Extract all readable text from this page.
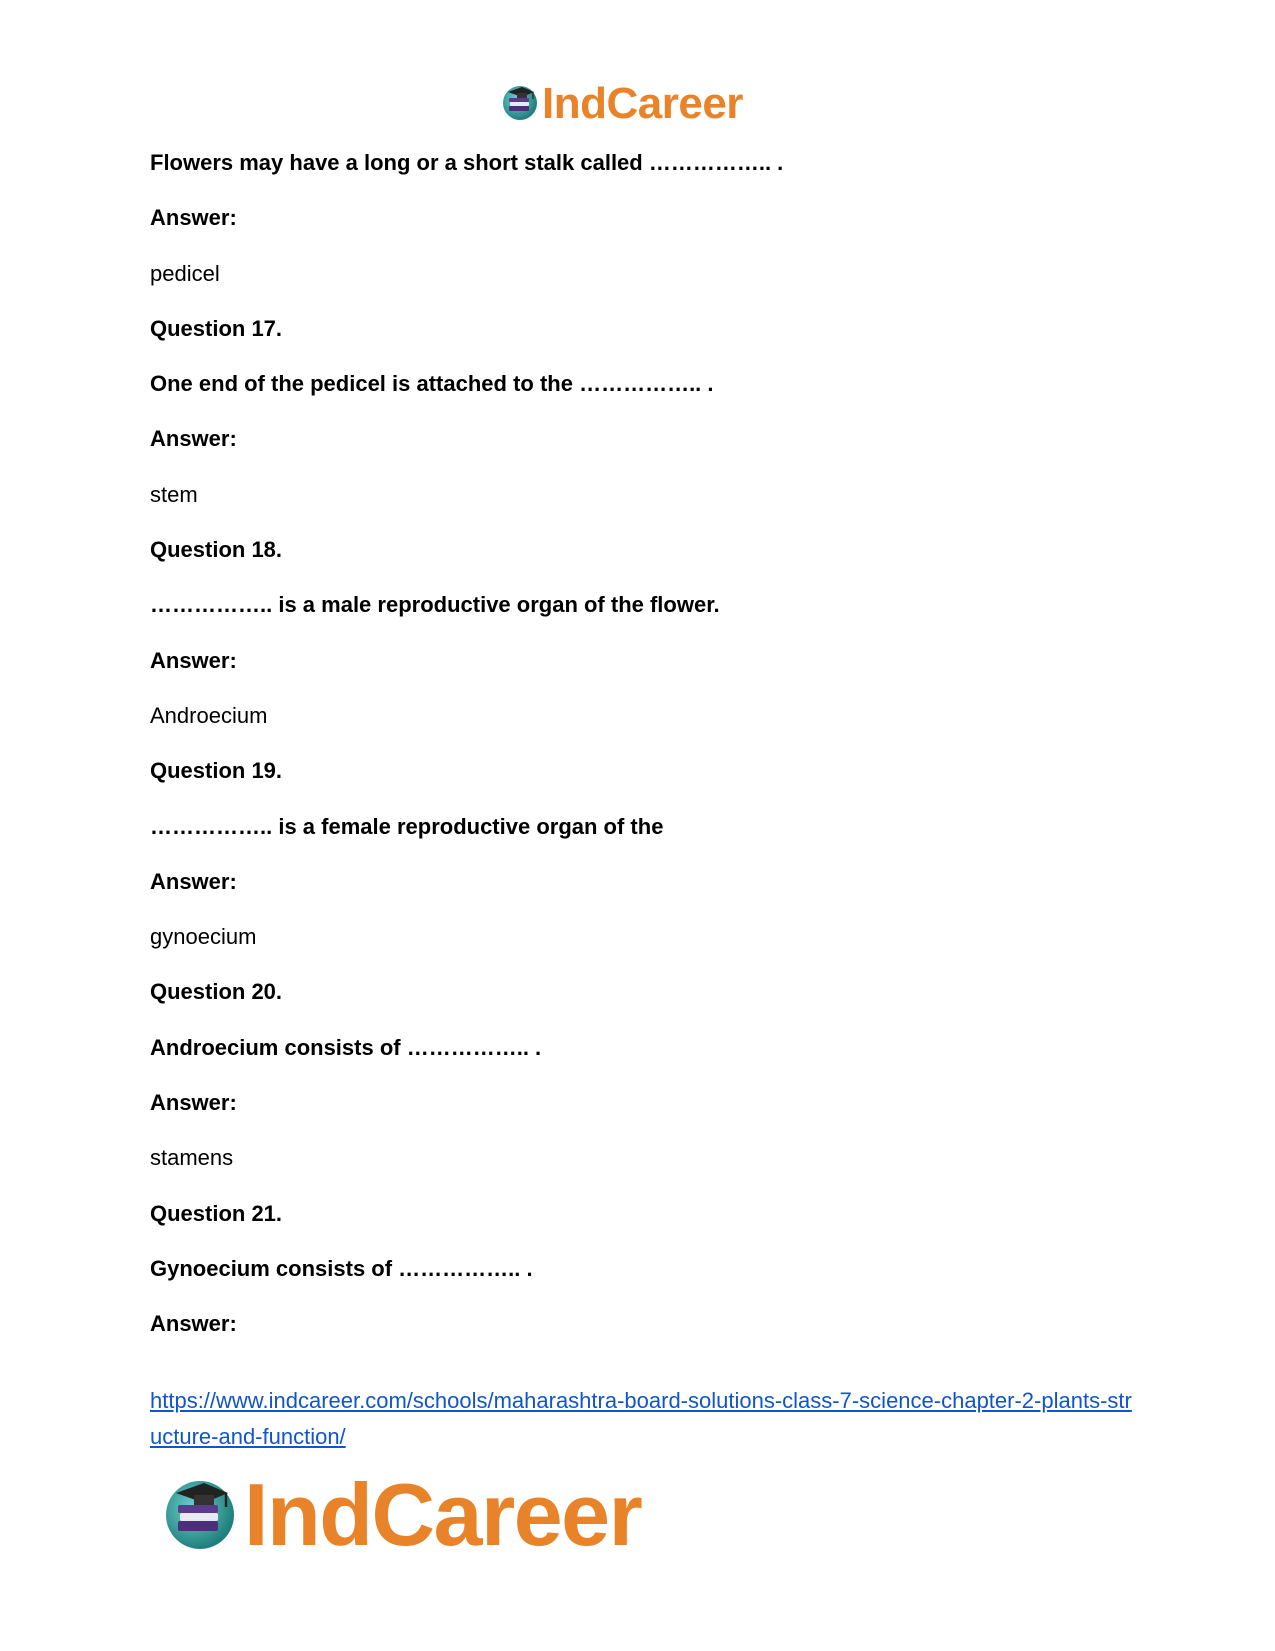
IndCareer
Flowers may have a long or a short stalk called …………….. .
Answer:
pedicel
Question 17.
One end of the pedicel is attached to the …………….. .
Answer:
stem
Question 18.
…………….. is a male reproductive organ of the flower.
Answer:
Androecium
Question 19.
…………….. is a female reproductive organ of the
Answer:
gynoecium
Question 20.
Androecium consists of …………….. .
Answer:
stamens
Question 21.
Gynoecium consists of …………….. .
Answer:
https://www.indcareer.com/schools/maharashtra-board-solutions-class-7-science-chapter-2-plants-structure-and-function/
IndCareer
